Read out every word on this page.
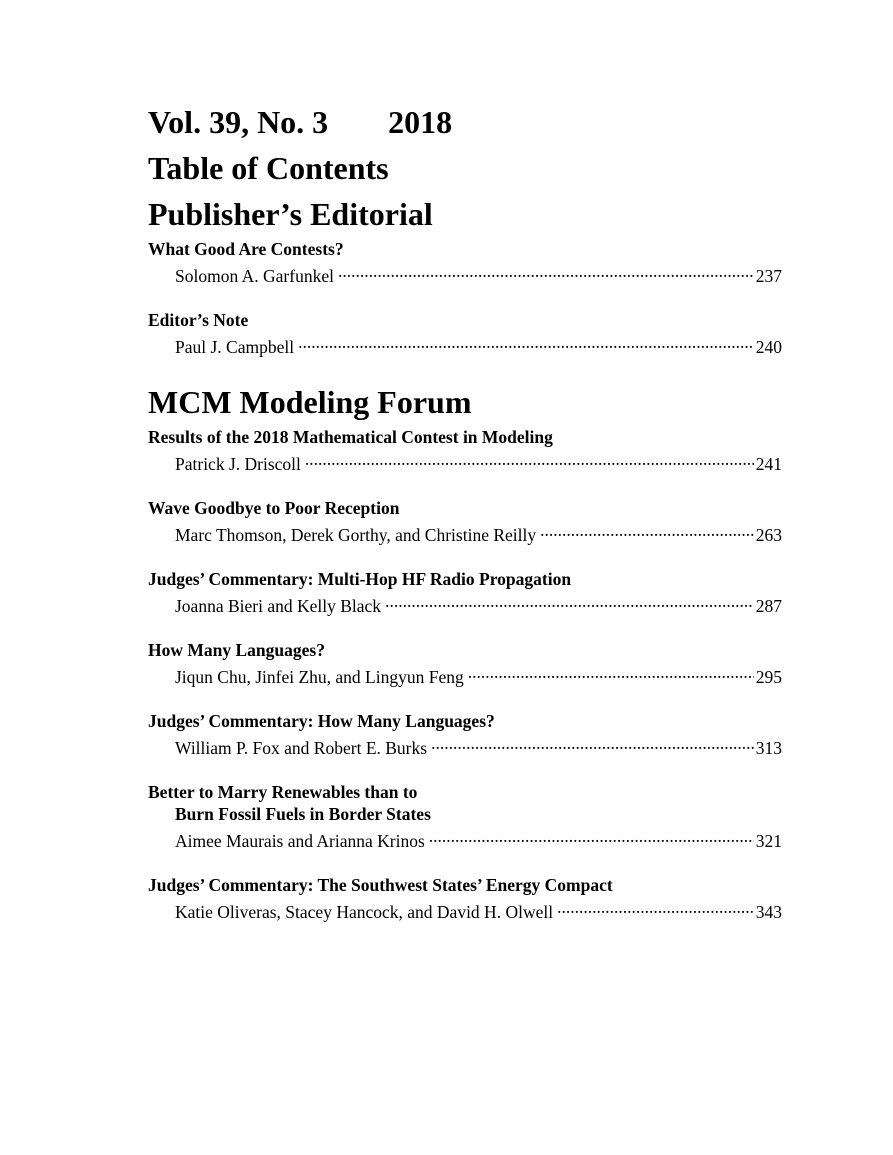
Vol. 39, No. 3 2018
Table of Contents
Publisher’s Editorial
What Good Are Contests?
Solomon A. Garfunkel .....	237
Editor’s Note
Paul J. Campbell .....	240
MCM Modeling Forum
Results of the 2018 Mathematical Contest in Modeling
Patrick J. Driscoll .....	241
Wave Goodbye to Poor Reception
Marc Thomson, Derek Gorthy, and Christine Reilly .....	263
Judges’ Commentary: Multi-Hop HF Radio Propagation
Joanna Bieri and Kelly Black .....	287
How Many Languages?
Jiqun Chu, Jinfei Zhu, and Lingyun Feng .....	295
Judges’ Commentary: How Many Languages?
William P. Fox and Robert E. Burks .....	313
Better to Marry Renewables than to
Burn Fossil Fuels in Border States
Aimee Maurais and Arianna Krinos .....	321
Judges’ Commentary: The Southwest States’ Energy Compact
Katie Oliveras, Stacey Hancock, and David H. Olwell .....	343
